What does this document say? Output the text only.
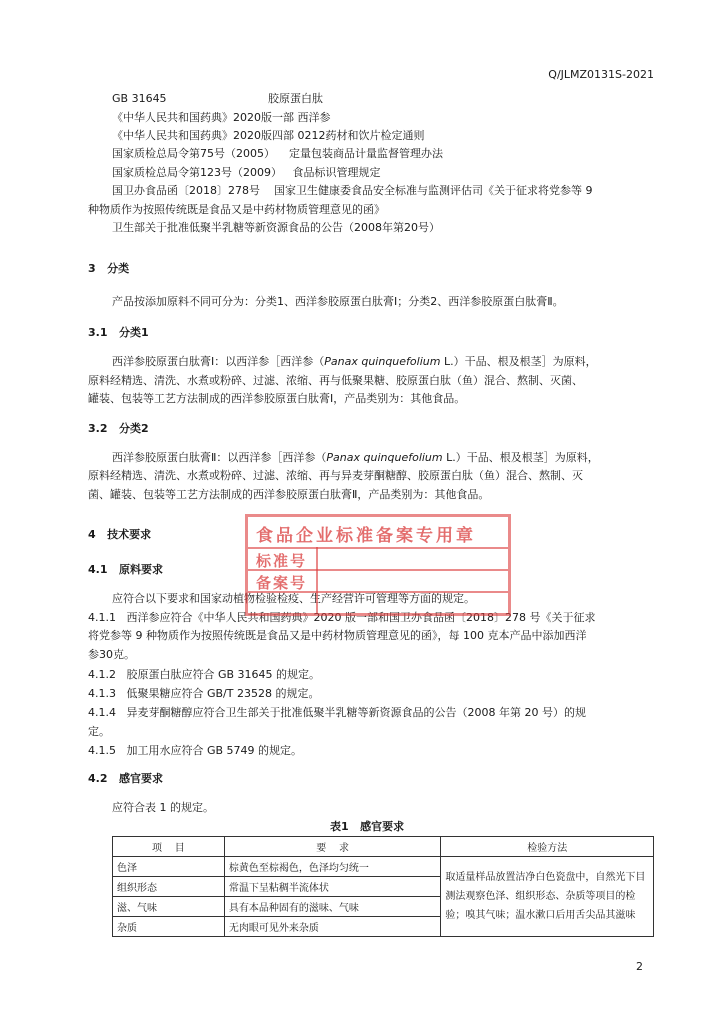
Q/JLMZ0131S-2021
GB 31645                             胶原蛋白肽
《中华人民共和国药典》2020版一部 西洋参
《中华人民共和国药典》2020版四部 0212药材和饮片检定通则
国家质检总局令第75号（2005）    定量包装商品计量监督管理办法
国家质检总局令第123号（2009）   食品标识管理规定
国卫办食品函〔2018〕278号    国家卫生健康委食品安全标准与监测评估司《关于征求将党参等 9
种物质作为按照传统既是食品又是中药材物质管理意见的函》
卫生部关于批准低聚半乳糖等新资源食品的公告（2008年第20号）
3   分类
产品按添加原料不同可分为：分类1、西洋参胶原蛋白肽膏Ⅰ；分类2、西洋参胶原蛋白肽膏Ⅱ。
3.1   分类1
西洋参胶原蛋白肽膏Ⅰ：以西洋参［西洋参（Panax quinquefolium L.）干品、根及根茎］为原料，
原料经精选、清洗、水煮或粉碎、过滤、浓缩、再与低聚果糖、胶原蛋白肽（鱼）混合、熬制、灭菌、
罐装、包装等工艺方法制成的西洋参胶原蛋白肽膏Ⅰ，产品类别为：其他食品。
3.2   分类2
西洋参胶原蛋白肽膏Ⅱ：以西洋参［西洋参（Panax quinquefolium L.）干品、根及根茎］为原料，
原料经精选、清洗、水煮或粉碎、过滤、浓缩、再与异麦芽酮糖醇、胶原蛋白肽（鱼）混合、熬制、灭
菌、罐装、包装等工艺方法制成的西洋参胶原蛋白肽膏Ⅱ，产品类别为：其他食品。
4   技术要求
4.1   原料要求
应符合以下要求和国家动植物检验检疫、生产经营许可管理等方面的规定。
4.1.1   西洋参应符合《中华人民共和国药典》2020 版一部和国卫办食品函〔2018〕278 号《关于征求
将党参等 9 种物质作为按照传统既是食品又是中药材物质管理意见的函》，每 100 克本产品中添加西洋
参30克。
4.1.2   胶原蛋白肽应符合 GB 31645 的规定。
4.1.3   低聚果糖应符合 GB/T 23528 的规定。
4.1.4   异麦芽酮糖醇应符合卫生部关于批准低聚半乳糖等新资源食品的公告（2008 年第 20 号）的规
定。
4.1.5   加工用水应符合 GB 5749 的规定。
4.2   感官要求
应符合表 1 的规定。
表1   感官要求
项    目	要    求	检验方法
色泽	棕黄色至棕褐色，色泽均匀统一	取适量样品放置洁净白色瓷盘中，自然光下目测法观察色泽、组织形态、杂质等项目的检验；嗅其气味；温水漱口后用舌尖品其滋味
组织形态	常温下呈粘稠半流体状	
滋、气味	具有本品种固有的滋味、气味	
杂质	无肉眼可见外来杂质	
食品企业标准备案专用章
标准号
备案号
2
